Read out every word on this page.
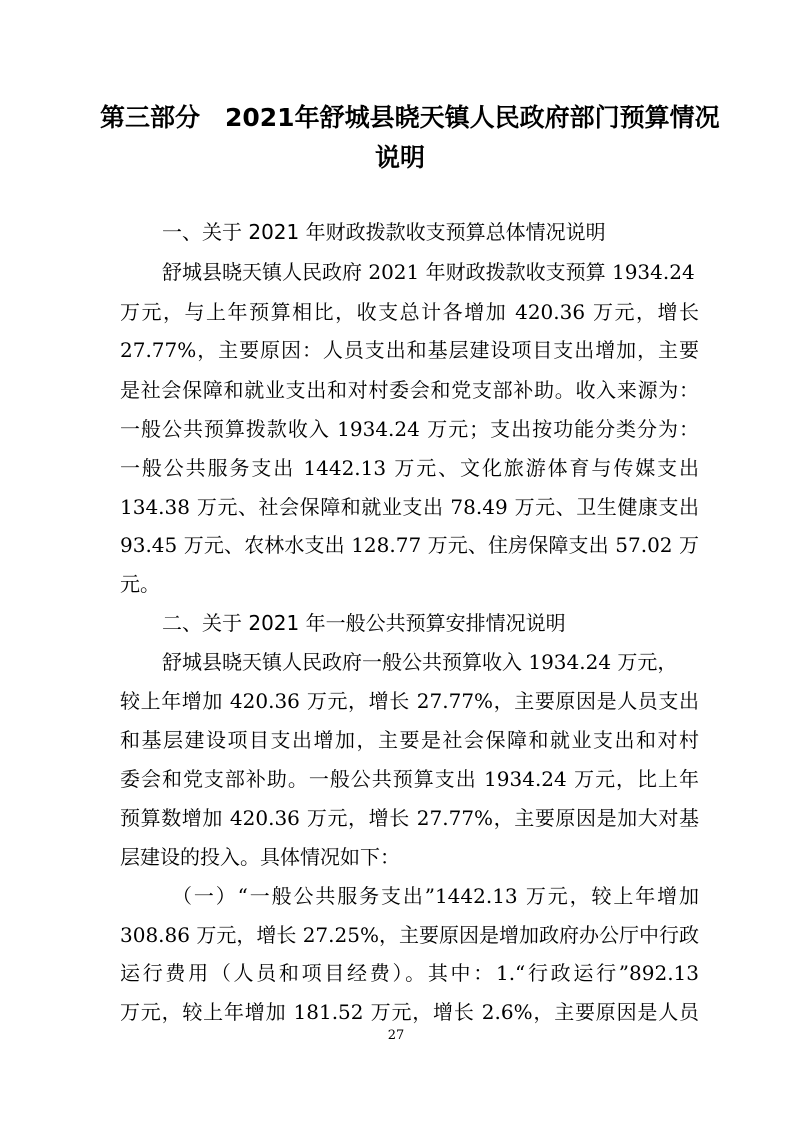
第三部分　2021年舒城县晓天镇人民政府部门预算情况
说明
一、关于 2021 年财政拨款收支预算总体情况说明
舒城县晓天镇人民政府 2021 年财政拨款收支预算 1934.24
万元，与上年预算相比，收支总计各增加 420.36 万元，增长
27.77%，主要原因：人员支出和基层建设项目支出增加，主要
是社会保障和就业支出和对村委会和党支部补助。收入来源为：
一般公共预算拨款收入 1934.24 万元；支出按功能分类分为：
一般公共服务支出 1442.13 万元、文化旅游体育与传媒支出
134.38 万元、社会保障和就业支出 78.49 万元、卫生健康支出
93.45 万元、农林水支出 128.77 万元、住房保障支出 57.02 万
元。
二、关于 2021 年一般公共预算安排情况说明
舒城县晓天镇人民政府一般公共预算收入 1934.24 万元，
较上年增加 420.36 万元，增长 27.77%，主要原因是人员支出
和基层建设项目支出增加，主要是社会保障和就业支出和对村
委会和党支部补助。一般公共预算支出 1934.24 万元，比上年
预算数增加 420.36 万元，增长 27.77%，主要原因是加大对基
层建设的投入。具体情况如下：
（一）“一般公共服务支出”1442.13 万元，较上年增加
308.86 万元，增长 27.25%，主要原因是增加政府办公厅中行政
运行费用（人员和项目经费）。其中：1.“行政运行”892.13
万元，较上年增加 181.52 万元，增长 2.6%，主要原因是人员
27
